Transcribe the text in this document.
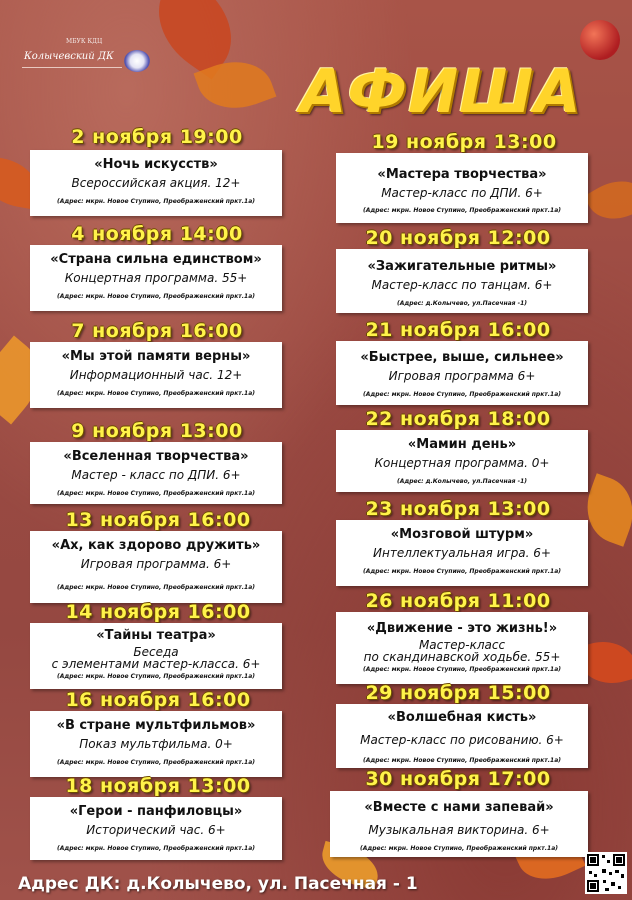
МБУК КДЦ
Колычевский ДК
АФИША
2 ноября 19:00
«Ночь искусств»
Всероссийская акция. 12+
(Адрес: мкрн. Новое Ступино, Преображенский пркт.1а)
4 ноября 14:00
«Страна сильна единством»
Концертная программа. 55+
(Адрес: мкрн. Новое Ступино, Преображенский пркт.1а)
7 ноября 16:00
«Мы этой памяти верны»
Информационный час. 12+
(Адрес: мкрн. Новое Ступино, Преображенский пркт.1а)
9 ноября 13:00
«Вселенная творчества»
Мастер - класс по ДПИ. 6+
(Адрес: мкрн. Новое Ступино, Преображенский пркт.1а)
13 ноября 16:00
«Ах, как здорово дружить»
Игровая программа. 6+
(Адрес: мкрн. Новое Ступино, Преображенский пркт.1а)
14 ноября 16:00
«Тайны театра»
Беседа
с элементами мастер-класса. 6+
(Адрес: мкрн. Новое Ступино, Преображенский пркт.1а)
16 ноября 16:00
«В стране мультфильмов»
Показ мультфильма. 0+
(Адрес: мкрн. Новое Ступино, Преображенский пркт.1а)
18 ноября 13:00
«Герои - панфиловцы»
Исторический час. 6+
(Адрес: мкрн. Новое Ступино, Преображенский пркт.1а)
19 ноября 13:00
«Мастера творчества»
Мастер-класс по ДПИ. 6+
(Адрес: мкрн. Новое Ступино, Преображенский пркт.1а)
20 ноября 12:00
«Зажигательные ритмы»
Мастер-класс по танцам. 6+
(Адрес: д.Колычево, ул.Пасечная -1)
21 ноября 16:00
«Быстрее, выше, сильнее»
Игровая программа 6+
(Адрес: мкрн. Новое Ступино, Преображенский пркт.1а)
22 ноября 18:00
«Мамин день»
Концертная программа. 0+
(Адрес: д.Колычево, ул.Пасечная -1)
23 ноября 13:00
«Мозговой штурм»
Интеллектуальная игра. 6+
(Адрес: мкрн. Новое Ступино, Преображенский пркт.1а)
26 ноября 11:00
«Движение - это жизнь!»
Мастер-класс
по скандинавской ходьбе. 55+
(Адрес: мкрн. Новое Ступино, Преображенский пркт.1а)
29 ноября 15:00
«Волшебная кисть»
Мастер-класс по рисованию. 6+
(Адрес: мкрн. Новое Ступино, Преображенский пркт.1а)
30 ноября 17:00
«Вместе с нами запевай»
Музыкальная викторина. 6+
(Адрес: мкрн. Новое Ступино, Преображенский пркт.1а)
Адрес ДК: д.Колычево, ул. Пасечная - 1
